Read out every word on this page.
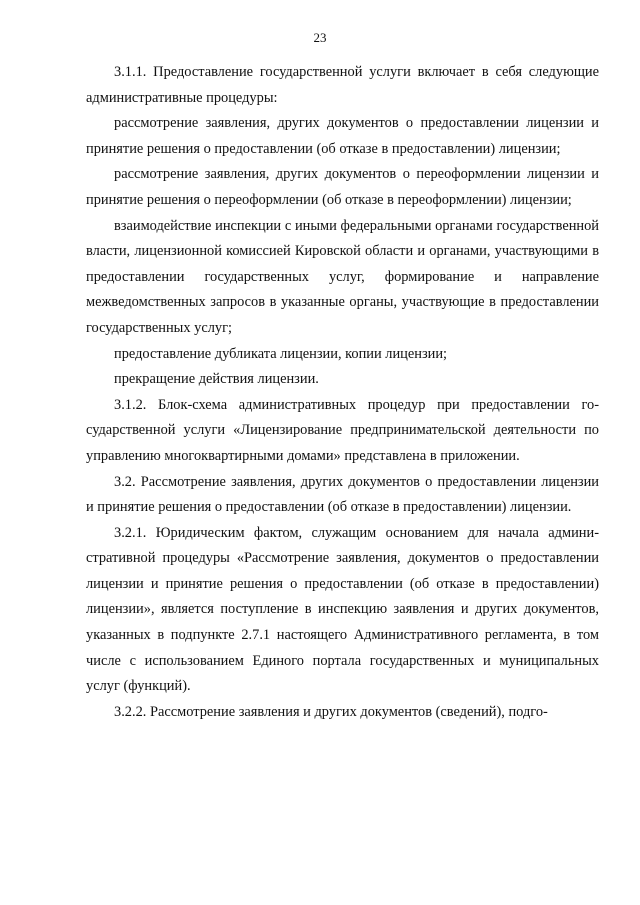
23

3.1.1. Предоставление государственной услуги включает в себя следующие административные процедуры:

рассмотрение заявления, других документов о предоставлении лицензии и принятие решения о предоставлении (об отказе в предоставлении) лицензии;

рассмотрение заявления, других документов о переоформлении лицензии и принятие решения о переоформлении (об отказе в переоформлении) лицензии;

взаимодействие инспекции с иными федеральными органами государственной власти, лицензионной комиссией Кировской области и органами, участвующими в предоставлении государственных услуг, формирование и направление межведомственных запросов в указанные органы, участвующие в предоставлении государственных услуг;

предоставление дубликата лицензии, копии лицензии;

прекращение действия лицензии.

3.1.2. Блок-схема административных процедур при предоставлении государственной услуги «Лицензирование предпринимательской деятельности по управлению многоквартирными домами» представлена в приложении.

3.2. Рассмотрение заявления, других документов о предоставлении лицензии и принятие решения о предоставлении (об отказе в предоставлении) лицензии.

3.2.1. Юридическим фактом, служащим основанием для начала административной процедуры «Рассмотрение заявления, документов о предоставлении лицензии и принятие решения о предоставлении (об отказе в предоставлении) лицензии», является поступление в инспекцию заявления и других документов, указанных в подпункте 2.7.1 настоящего Административного регламента, в том числе с использованием Единого портала государственных и муниципальных услуг (функций).

3.2.2. Рассмотрение заявления и других документов (сведений), подго-
